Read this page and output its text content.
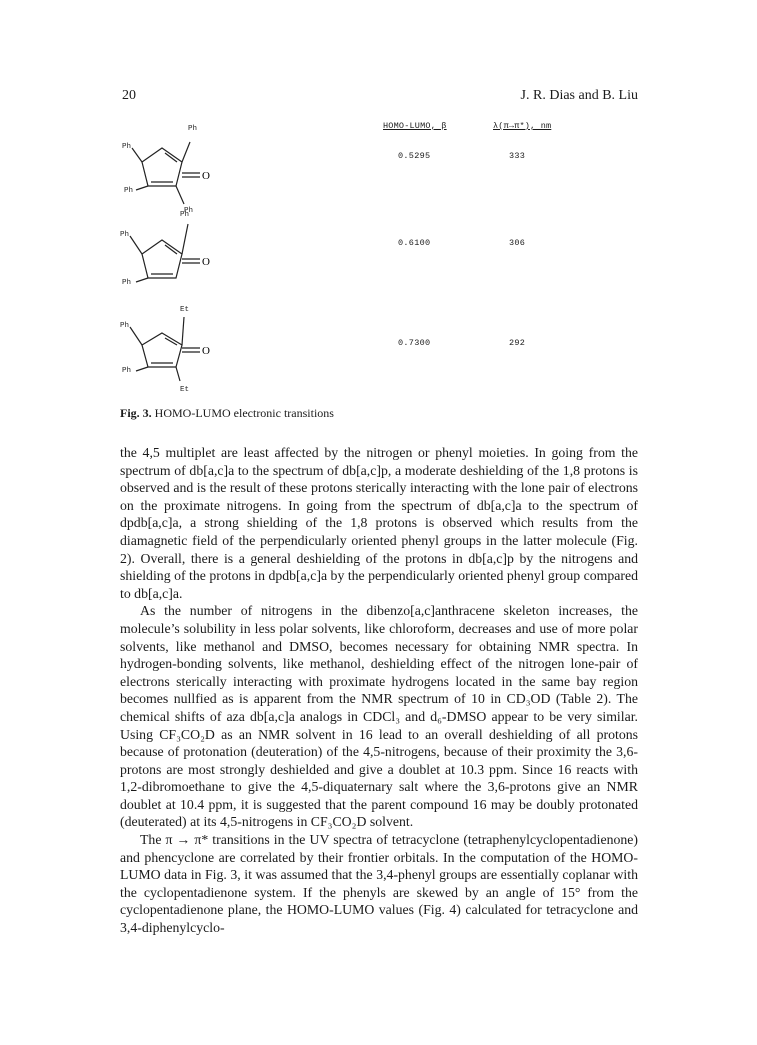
20	J. R. Dias and B. Liu
HOMO-LUMO, β	λ(π→π*), nm
0.5295	333
0.6100	306
0.7300	292
Ph
Ph
Ph
Ph
O
Ph
Ph
Ph
O
Et
Ph
Ph
Et
O
Fig. 3. HOMO-LUMO electronic transitions

the 4,5 multiplet are least affected by the nitrogen or phenyl moieties. In going from the spectrum of db[a,c]a to the spectrum of db[a,c]p, a moderate deshielding of the 1,8 protons is observed and is the result of these protons sterically interacting with the lone pair of electrons on the proximate nitrogens. In going from the spectrum of db[a,c]a to the spectrum of dpdb[a,c]a, a strong shielding of the 1,8 protons is observed which results from the diamagnetic field of the perpendicularly oriented phenyl groups in the latter molecule (Fig. 2). Overall, there is a general deshielding of the protons in db[a,c]p by the nitrogens and shielding of the protons in dpdb[a,c]a by the perpendicularly oriented phenyl group compared to db[a,c]a.

As the number of nitrogens in the dibenzo[a,c]anthracene skeleton increases, the molecule’s solubility in less polar solvents, like chloroform, decreases and use of more polar solvents, like methanol and DMSO, becomes necessary for obtaining NMR spectra. In hydrogen-bonding solvents, like methanol, deshielding effect of the nitrogen lone-pair of electrons sterically interacting with proximate hydrogens located in the same bay region becomes nullfied as is apparent from the NMR spectrum of 10 in CD₃OD (Table 2). The chemical shifts of aza db[a,c]a analogs in CDCl₃ and d₆-DMSO appear to be very similar. Using CF₃CO₂D as an NMR solvent in 16 lead to an overall deshielding of all protons because of protonation (deuteration) of the 4,5-nitrogens, because of their proximity the 3,6-protons are most strongly deshielded and give a doublet at 10.3 ppm. Since 16 reacts with 1,2-dibromoethane to give the 4,5-diquaternary salt where the 3,6-protons give an NMR doublet at 10.4 ppm, it is suggested that the parent compound 16 may be doubly protonated (deuterated) at its 4,5-nitrogens in CF₃CO₂D solvent.

The π → π* transitions in the UV spectra of tetracyclone (tetraphenylcyclopentadienone) and phencyclone are correlated by their frontier orbitals. In the computation of the HOMO-LUMO data in Fig. 3, it was assumed that the 3,4-phenyl groups are essentially coplanar with the cyclopentadienone system. If the phenyls are skewed by an angle of 15° from the cyclopentadienone plane, the HOMO-LUMO values (Fig. 4) calculated for tetracyclone and 3,4-diphenylcyclo-
